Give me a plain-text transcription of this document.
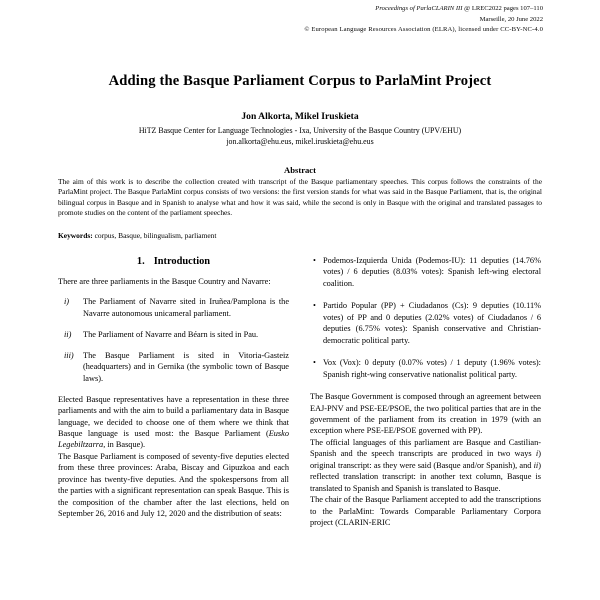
Proceedings of ParlaCLARIN III @ LREC2022 pages 107–110
Marseille, 20 June 2022
© European Language Resources Association (ELRA), licensed under CC-BY-NC-4.0
Adding the Basque Parliament Corpus to ParlaMint Project
Jon Alkorta, Mikel Iruskieta
HiTZ Basque Center for Language Technologies - Ixa, University of the Basque Country (UPV/EHU)
jon.alkorta@ehu.eus, mikel.iruskieta@ehu.eus
Abstract
The aim of this work is to describe the collection created with transcript of the Basque parliamentary speeches. This corpus follows the constraints of the ParlaMint project. The Basque ParlaMint corpus consists of two versions: the first version stands for what was said in the Basque Parliament, that is, the original bilingual corpus in Basque and in Spanish to analyse what and how it was said, while the second is only in Basque with the original and translated passages to promote studies on the content of the parliament speeches.
Keywords: corpus, Basque, bilingualism, parliament
1. Introduction

There are three parliaments in the Basque Country and Navarre:

i)	The Parliament of Navarre sited in Iruñea/Pamplona is the Navarre autonomous unicameral parliament.
ii)	The Parliament of Navarre and Béarn is sited in Pau.
iii)	The Basque Parliament is sited in Vitoria-Gasteiz (headquarters) and in Gernika (the symbolic town of Basque laws).

Elected Basque representatives have a representation in these three parliaments and with the aim to build a parliamentary data in Basque language, we decided to choose one of them where we think that Basque language is used most: the Basque Parliament (Eusko Legebiltzarra, in Basque).

The Basque Parliament is composed of seventy-five deputies elected from these three provinces: Araba, Biscay and Gipuzkoa and each province has twenty-five deputies. And the spokespersons from all the parties with a significant representation can speak Basque. This is the composition of the chamber after the last elections, held on September 26, 2016 and July 12, 2020 and the distribution of seats:

• Podemos-Izquierda Unida (Podemos-IU): 11 deputies (14.76% votes) / 6 deputies (8.03% votes): Spanish left-wing electoral coalition.
• Partido Popular (PP) + Ciudadanos (Cs): 9 deputies (10.11% votes) of PP and 0 deputies (2.02% votes) of Ciudadanos / 6 deputies (6.75% votes): Spanish conservative and Christian-democratic political party.
• Vox (Vox): 0 deputy (0.07% votes) / 1 deputy (1.96% votes): Spanish right-wing conservative nationalist political party.

The Basque Government is composed through an agreement between EAJ-PNV and PSE-EE/PSOE, the two political parties that are in the government of the parliament from its creation in 1979 (with an exception where PSE-EE/PSOE governed with PP).

The official languages of this parliament are Basque and Castilian-Spanish and the speech transcripts are produced in two ways i) original transcript: as they were said (Basque and/or Spanish), and ii) reflected translation transcript: in another text column, Basque is translated to Spanish and Spanish is translated to Basque.

The chair of the Basque Parliament accepted to add the transcriptions to the ParlaMint: Towards Comparable Parliamentary Corpora project (CLARIN-ERIC
